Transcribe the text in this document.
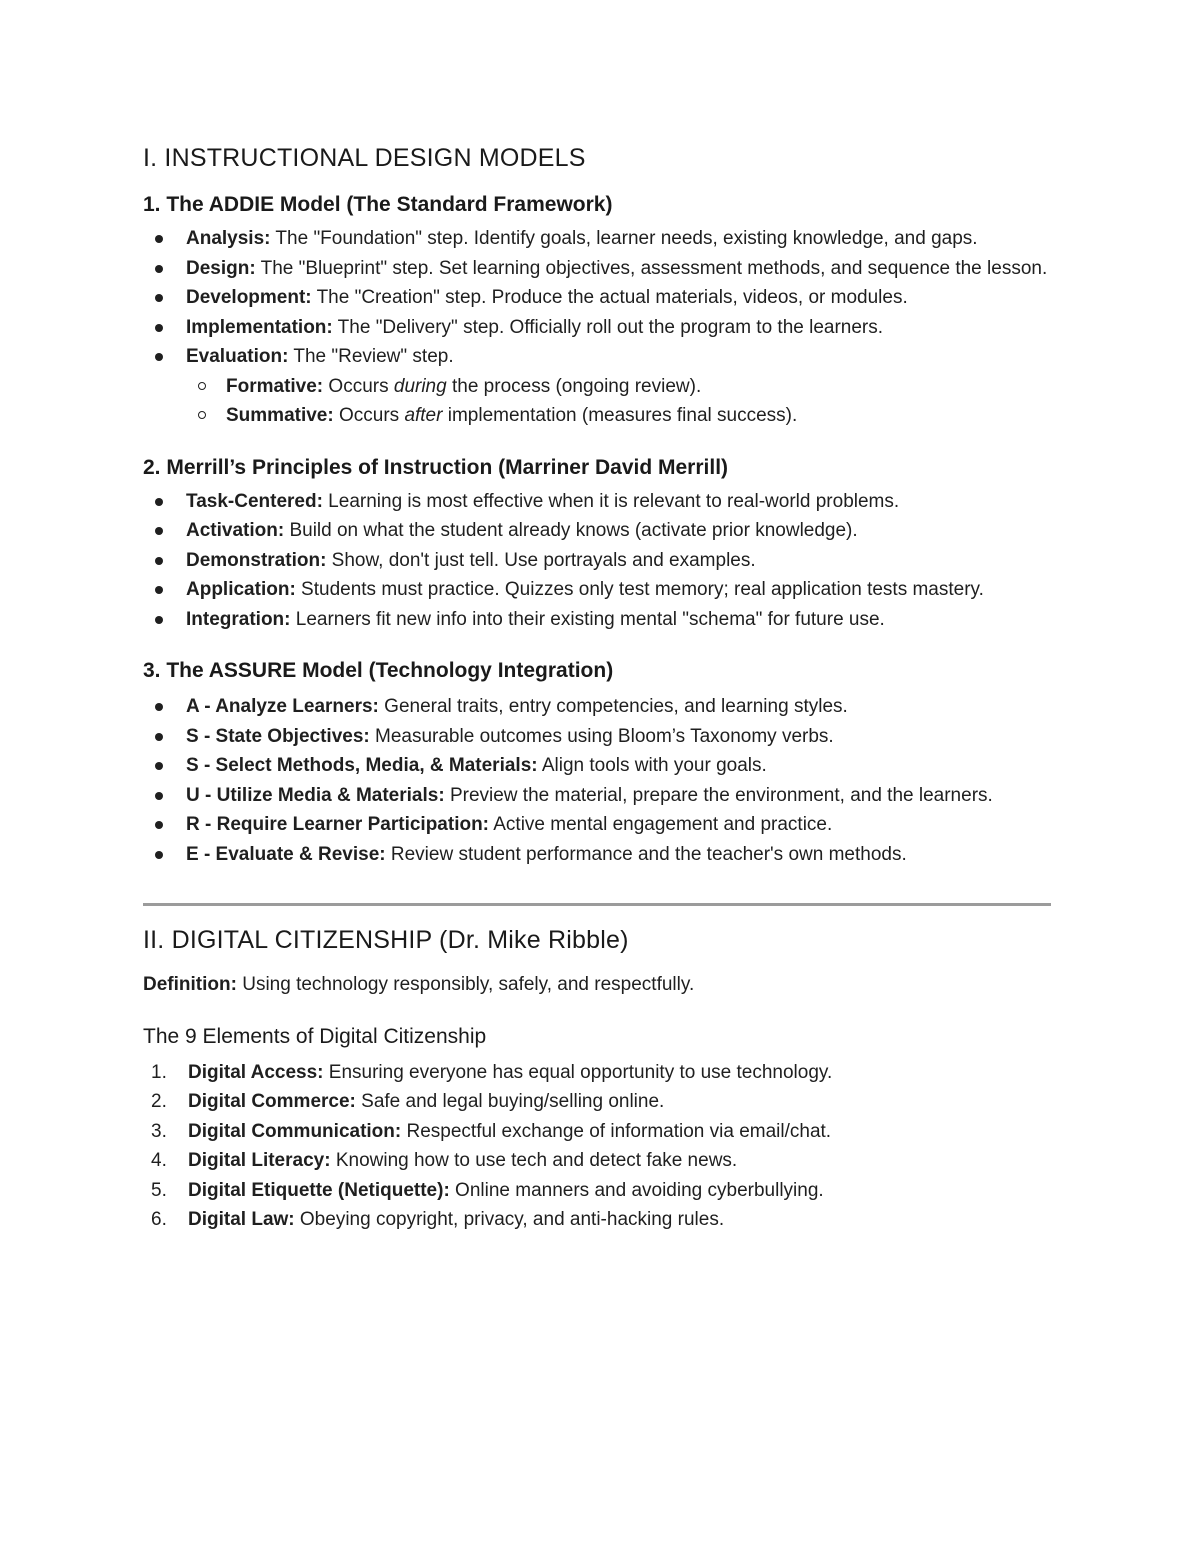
I. INSTRUCTIONAL DESIGN MODELS
1. The ADDIE Model (The Standard Framework)
Analysis: The "Foundation" step. Identify goals, learner needs, existing knowledge, and gaps.
Design: The "Blueprint" step. Set learning objectives, assessment methods, and sequence the lesson.
Development: The "Creation" step. Produce the actual materials, videos, or modules.
Implementation: The "Delivery" step. Officially roll out the program to the learners.
Evaluation: The "Review" step.
Formative: Occurs during the process (ongoing review).
Summative: Occurs after implementation (measures final success).
2. Merrill’s Principles of Instruction (Marriner David Merrill)
Task-Centered: Learning is most effective when it is relevant to real-world problems.
Activation: Build on what the student already knows (activate prior knowledge).
Demonstration: Show, don't just tell. Use portrayals and examples.
Application: Students must practice. Quizzes only test memory; real application tests mastery.
Integration: Learners fit new info into their existing mental "schema" for future use.
3. The ASSURE Model (Technology Integration)
A - Analyze Learners: General traits, entry competencies, and learning styles.
S - State Objectives: Measurable outcomes using Bloom’s Taxonomy verbs.
S - Select Methods, Media, & Materials: Align tools with your goals.
U - Utilize Media & Materials: Preview the material, prepare the environment, and the learners.
R - Require Learner Participation: Active mental engagement and practice.
E - Evaluate & Revise: Review student performance and the teacher's own methods.
II. DIGITAL CITIZENSHIP (Dr. Mike Ribble)

Definition: Using technology responsibly, safely, and respectfully.

The 9 Elements of Digital Citizenship
1. Digital Access: Ensuring everyone has equal opportunity to use technology.
2. Digital Commerce: Safe and legal buying/selling online.
3. Digital Communication: Respectful exchange of information via email/chat.
4. Digital Literacy: Knowing how to use tech and detect fake news.
5. Digital Etiquette (Netiquette): Online manners and avoiding cyberbullying.
6. Digital Law: Obeying copyright, privacy, and anti-hacking rules.
